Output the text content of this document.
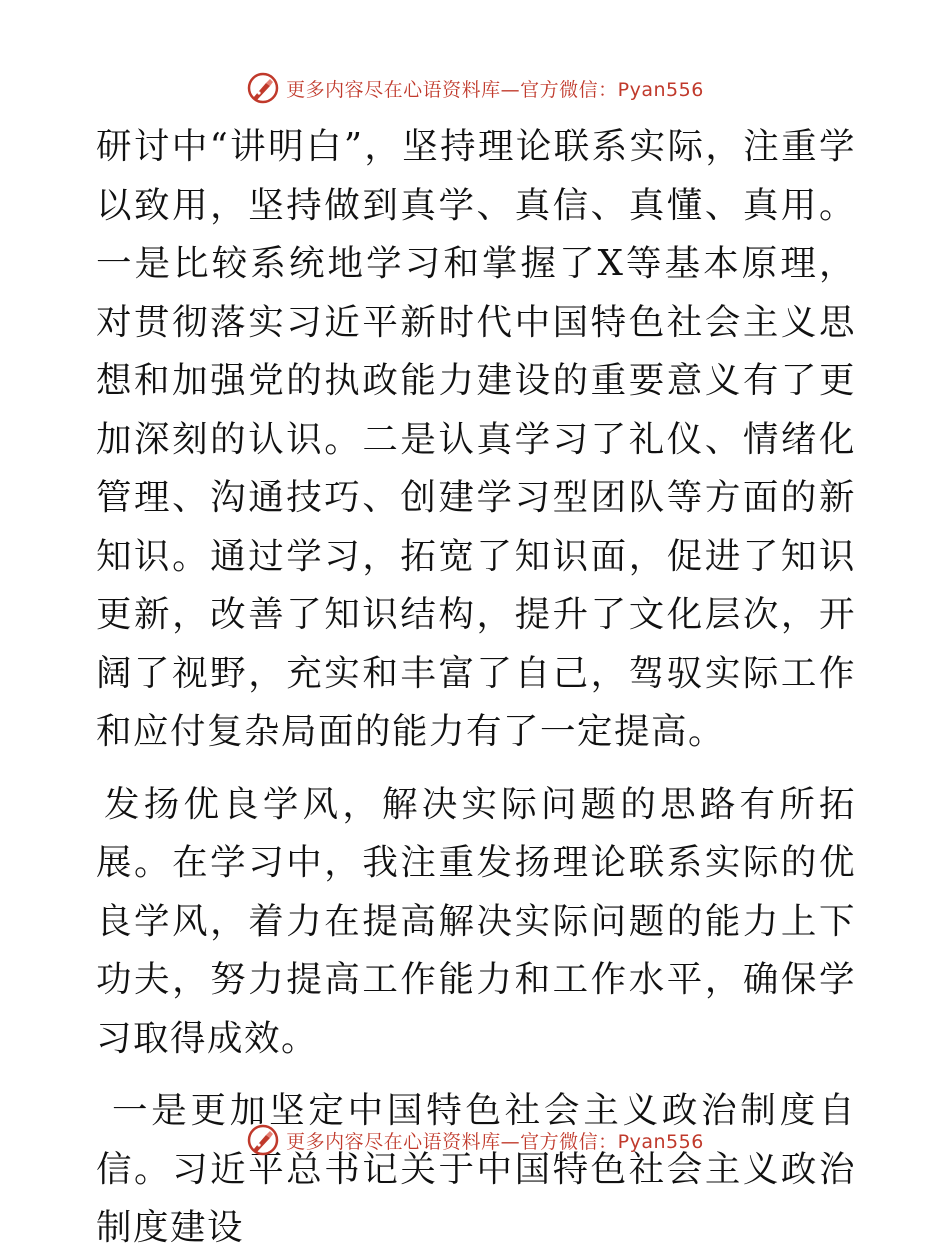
更多内容尽在心语资料库—官方微信：Pyan556

研讨中“讲明白”，坚持理论联系实际，注重学以致用，坚持做到真学、真信、真懂、真用。一是比较系统地学习和掌握了X等基本原理，对贯彻落实习近平新时代中国特色社会主义思想和加强党的执政能力建设的重要意义有了更加深刻的认识。二是认真学习了礼仪、情绪化管理、沟通技巧、创建学习型团队等方面的新知识。通过学习，拓宽了知识面，促进了知识更新，改善了知识结构，提升了文化层次，开阔了视野，充实和丰富了自己，驾驭实际工作和应付复杂局面的能力有了一定提高。

发扬优良学风，解决实际问题的思路有所拓展。在学习中，我注重发扬理论联系实际的优良学风，着力在提高解决实际问题的能力上下功夫，努力提高工作能力和工作水平，确保学习取得成效。

一是更加坚定中国特色社会主义政治制度自信。习近平总书记关于中国特色社会主义政治制度建设

更多内容尽在心语资料库—官方微信：Pyan556
